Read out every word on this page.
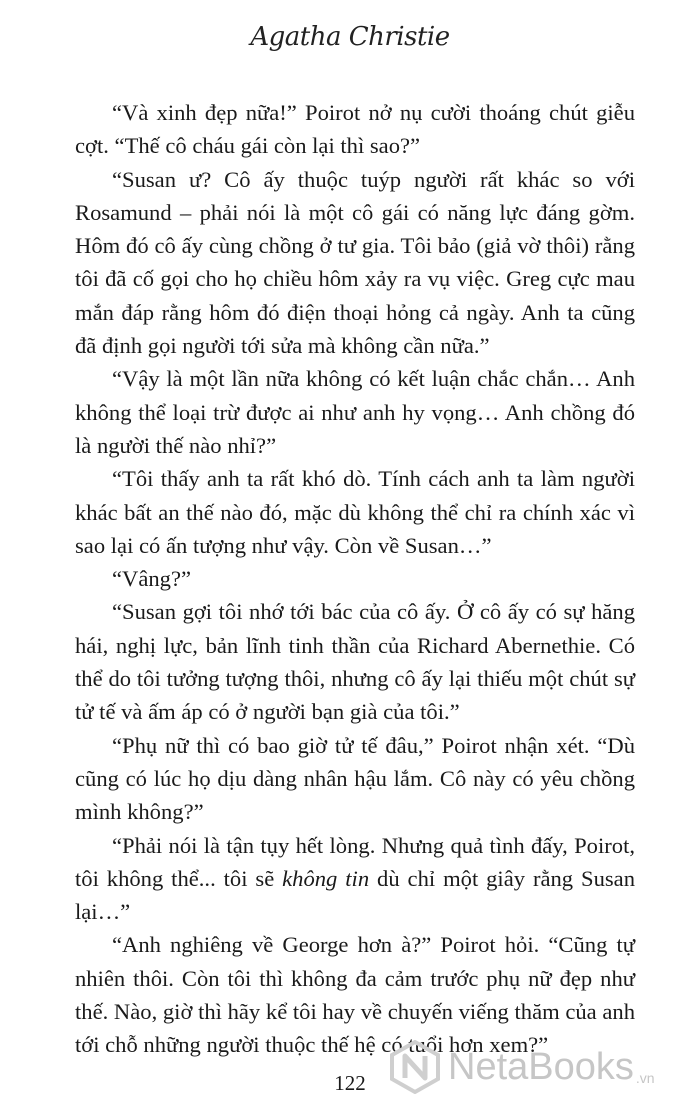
Agatha Christie

“Và xinh đẹp nữa!” Poirot nở nụ cười thoáng chút giễu cợt. “Thế cô cháu gái còn lại thì sao?”

“Susan ư? Cô ấy thuộc tuýp người rất khác so với Rosamund – phải nói là một cô gái có năng lực đáng gờm. Hôm đó cô ấy cùng chồng ở tư gia. Tôi bảo (giả vờ thôi) rằng tôi đã cố gọi cho họ chiều hôm xảy ra vụ việc. Greg cực mau mắn đáp rằng hôm đó điện thoại hỏng cả ngày. Anh ta cũng đã định gọi người tới sửa mà không cần nữa.”

“Vậy là một lần nữa không có kết luận chắc chắn… Anh không thể loại trừ được ai như anh hy vọng… Anh chồng đó là người thế nào nhỉ?”

“Tôi thấy anh ta rất khó dò. Tính cách anh ta làm người khác bất an thế nào đó, mặc dù không thể chỉ ra chính xác vì sao lại có ấn tượng như vậy. Còn về Susan…”

“Vâng?”

“Susan gợi tôi nhớ tới bác của cô ấy. Ở cô ấy có sự hăng hái, nghị lực, bản lĩnh tinh thần của Richard Abernethie. Có thể do tôi tưởng tượng thôi, nhưng cô ấy lại thiếu một chút sự tử tế và ấm áp có ở người bạn già của tôi.”

“Phụ nữ thì có bao giờ tử tế đâu,” Poirot nhận xét. “Dù cũng có lúc họ dịu dàng nhân hậu lắm. Cô này có yêu chồng mình không?”

“Phải nói là tận tụy hết lòng. Nhưng quả tình đấy, Poirot, tôi không thể... tôi sẽ không tin dù chỉ một giây rằng Susan lại…”

“Anh nghiêng về George hơn à?” Poirot hỏi. “Cũng tự nhiên thôi. Còn tôi thì không đa cảm trước phụ nữ đẹp như thế. Nào, giờ thì hãy kể tôi hay về chuyến viếng thăm của anh tới chỗ những người thuộc thế hệ có tuổi hơn xem?”

122	NetaBooks .vn
